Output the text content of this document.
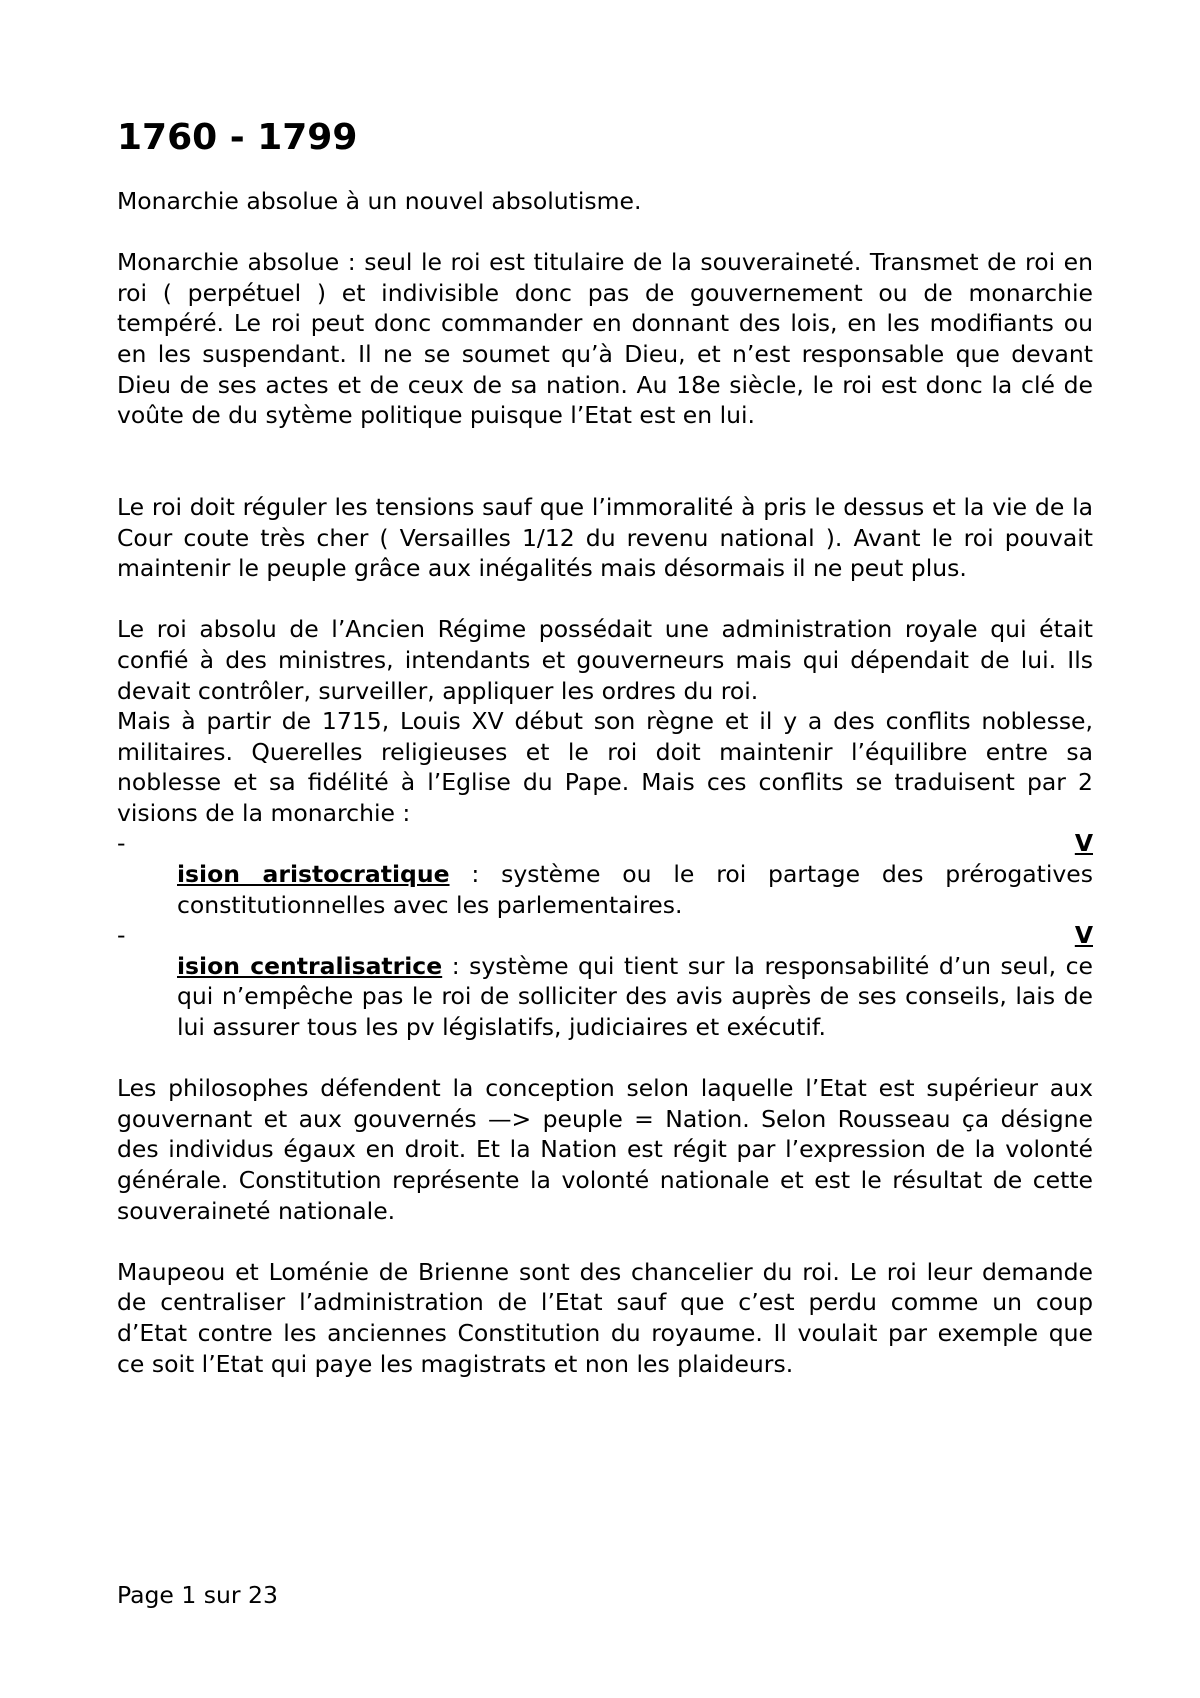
1760 - 1799

Monarchie absolue à un nouvel absolutisme.

Monarchie absolue : seul le roi est titulaire de la souveraineté. Transmet de roi en roi ( perpétuel ) et indivisible donc pas de gouvernement ou de monarchie tempéré. Le roi peut donc commander en donnant des lois, en les modifiants ou en les suspendant. Il ne se soumet qu’à Dieu, et n’est responsable que devant Dieu de ses actes et de ceux de sa nation. Au 18e siècle, le roi est donc la clé de voûte de du sytème politique puisque l’Etat est en lui.

Le roi doit réguler les tensions sauf que l’immoralité à pris le dessus et la vie de la Cour coute très cher ( Versailles 1/12 du revenu national ). Avant le roi pouvait maintenir le peuple grâce aux inégalités mais désormais il ne peut plus.

Le roi absolu de l’Ancien Régime possédait une administration royale qui était confié à des ministres, intendants et gouverneurs mais qui dépendait de lui. Ils devait contrôler, surveiller, appliquer les ordres du roi.

Mais à partir de 1715, Louis XV début son règne et il y a des conflits noblesse, militaires. Querelles religieuses et le roi doit maintenir l’équilibre entre sa noblesse et sa fidélité à l’Eglise du Pape. Mais ces conflits se traduisent par 2 visions de la monarchie :

-	V
ision aristocratique : système ou le roi partage des prérogatives constitutionnelles avec les parlementaires.
-	V
ision centralisatrice : système qui tient sur la responsabilité d’un seul, ce qui n’empêche pas le roi de solliciter des avis auprès de ses conseils, lais de lui assurer tous les pv législatifs, judiciaires et exécutif.

Les philosophes défendent la conception selon laquelle l’Etat est supérieur aux gouvernant et aux gouvernés —> peuple = Nation. Selon Rousseau ça désigne des individus égaux en droit. Et la Nation est régit par l’expression de la volonté générale. Constitution représente la volonté nationale et est le résultat de cette souveraineté nationale.

Maupeou et Loménie de Brienne sont des chancelier du roi. Le roi leur demande de centraliser l’administration de l’Etat sauf que c’est perdu comme un coup d’Etat contre les anciennes Constitution du royaume. Il voulait par exemple que ce soit l’Etat qui paye les magistrats et non les plaideurs.

Page 1 sur 23
